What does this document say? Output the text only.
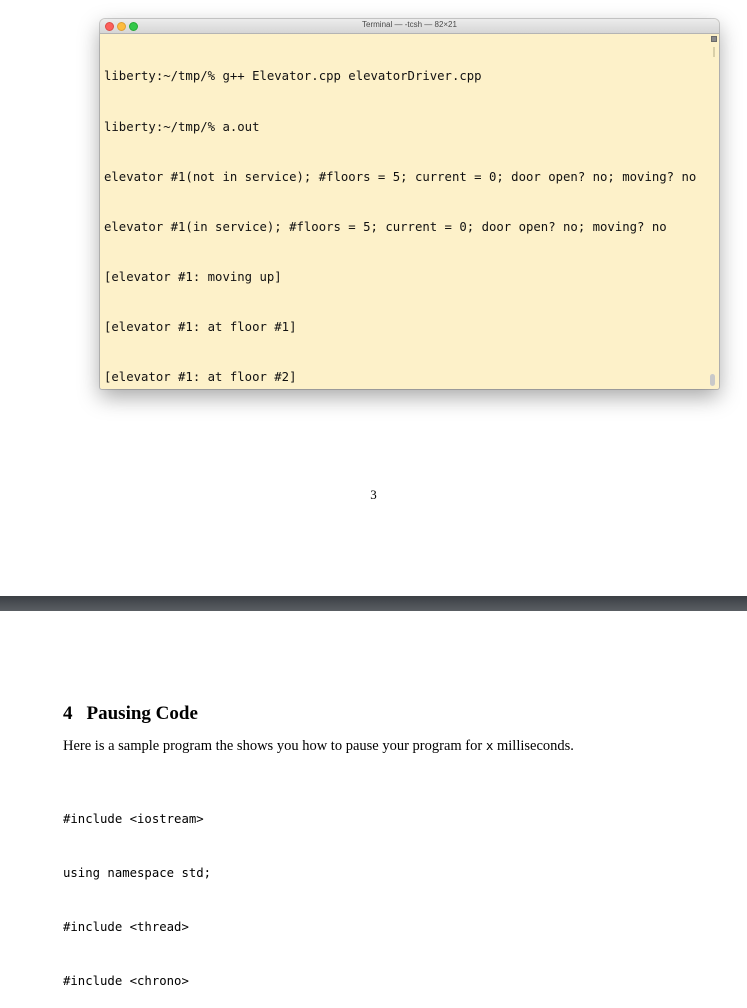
Terminal — -tcsh — 82×21

liberty:~/tmp/% g++ Elevator.cpp elevatorDriver.cpp

liberty:~/tmp/% a.out

elevator #1(not in service); #floors = 5; current = 0; door open? no; moving? no

elevator #1(in service); #floors = 5; current = 0; door open? no; moving? no

[elevator #1: moving up]

[elevator #1: at floor #1]

[elevator #1: at floor #2]

3
4 Pausing Code
Here is a sample program the shows you how to pause your program for x milliseconds.

#include <iostream>

using namespace std;

#include <thread>

#include <chrono>
